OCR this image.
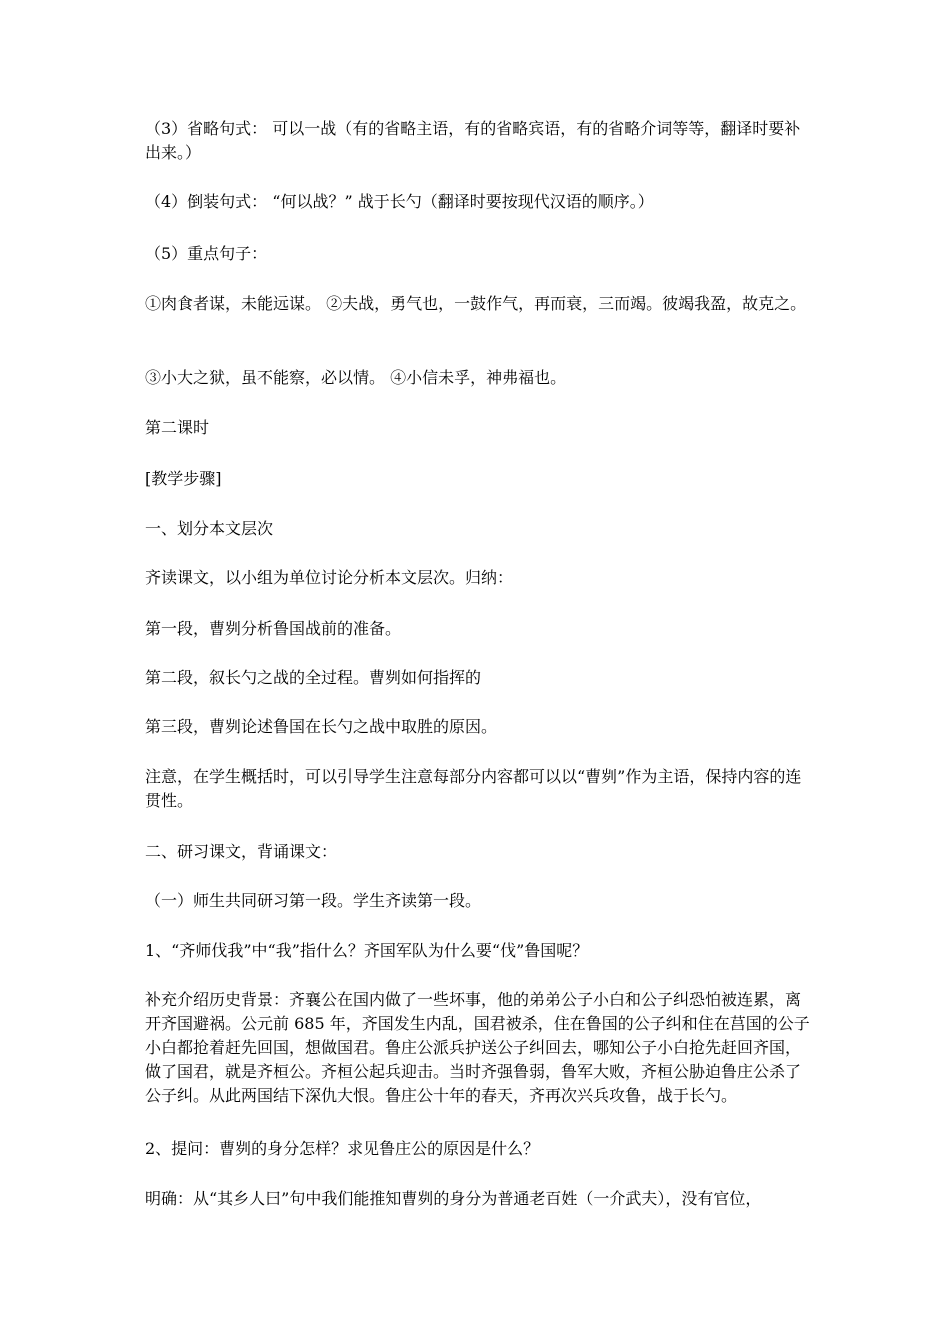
（3）省略句式： 可以一战（有的省略主语，有的省略宾语，有的省略介词等等，翻译时要补出来。）
（4）倒装句式： “何以战？” 战于长勺（翻译时要按现代汉语的顺序。）
（5）重点句子：
①肉食者谋，未能远谋。 ②夫战，勇气也，一鼓作气，再而衰，三而竭。彼竭我盈，故克之。
③小大之狱，虽不能察，必以情。 ④小信未孚，神弗福也。
第二课时
[教学步骤]
一、划分本文层次
齐读课文，以小组为单位讨论分析本文层次。归纳：
第一段，曹刿分析鲁国战前的准备。
第二段，叙长勺之战的全过程。曹刿如何指挥的
第三段，曹刿论述鲁国在长勺之战中取胜的原因。
注意，在学生概括时，可以引导学生注意每部分内容都可以以“曹刿”作为主语，保持内容的连贯性。
二、研习课文，背诵课文：
（一）师生共同研习第一段。学生齐读第一段。
1、“齐师伐我”中“我”指什么？齐国军队为什么要“伐”鲁国呢？
补充介绍历史背景：齐襄公在国内做了一些坏事，他的弟弟公子小白和公子纠恐怕被连累，离开齐国避祸。公元前 685 年，齐国发生内乱，国君被杀，住在鲁国的公子纠和住在莒国的公子小白都抢着赶先回国，想做国君。鲁庄公派兵护送公子纠回去，哪知公子小白抢先赶回齐国，做了国君，就是齐桓公。齐桓公起兵迎击。当时齐强鲁弱，鲁军大败，齐桓公胁迫鲁庄公杀了公子纠。从此两国结下深仇大恨。鲁庄公十年的春天，齐再次兴兵攻鲁，战于长勺。
2、提问：曹刿的身分怎样？求见鲁庄公的原因是什么？
明确：从“其乡人曰”句中我们能推知曹刿的身分为普通老百姓（一介武夫），没有官位，
